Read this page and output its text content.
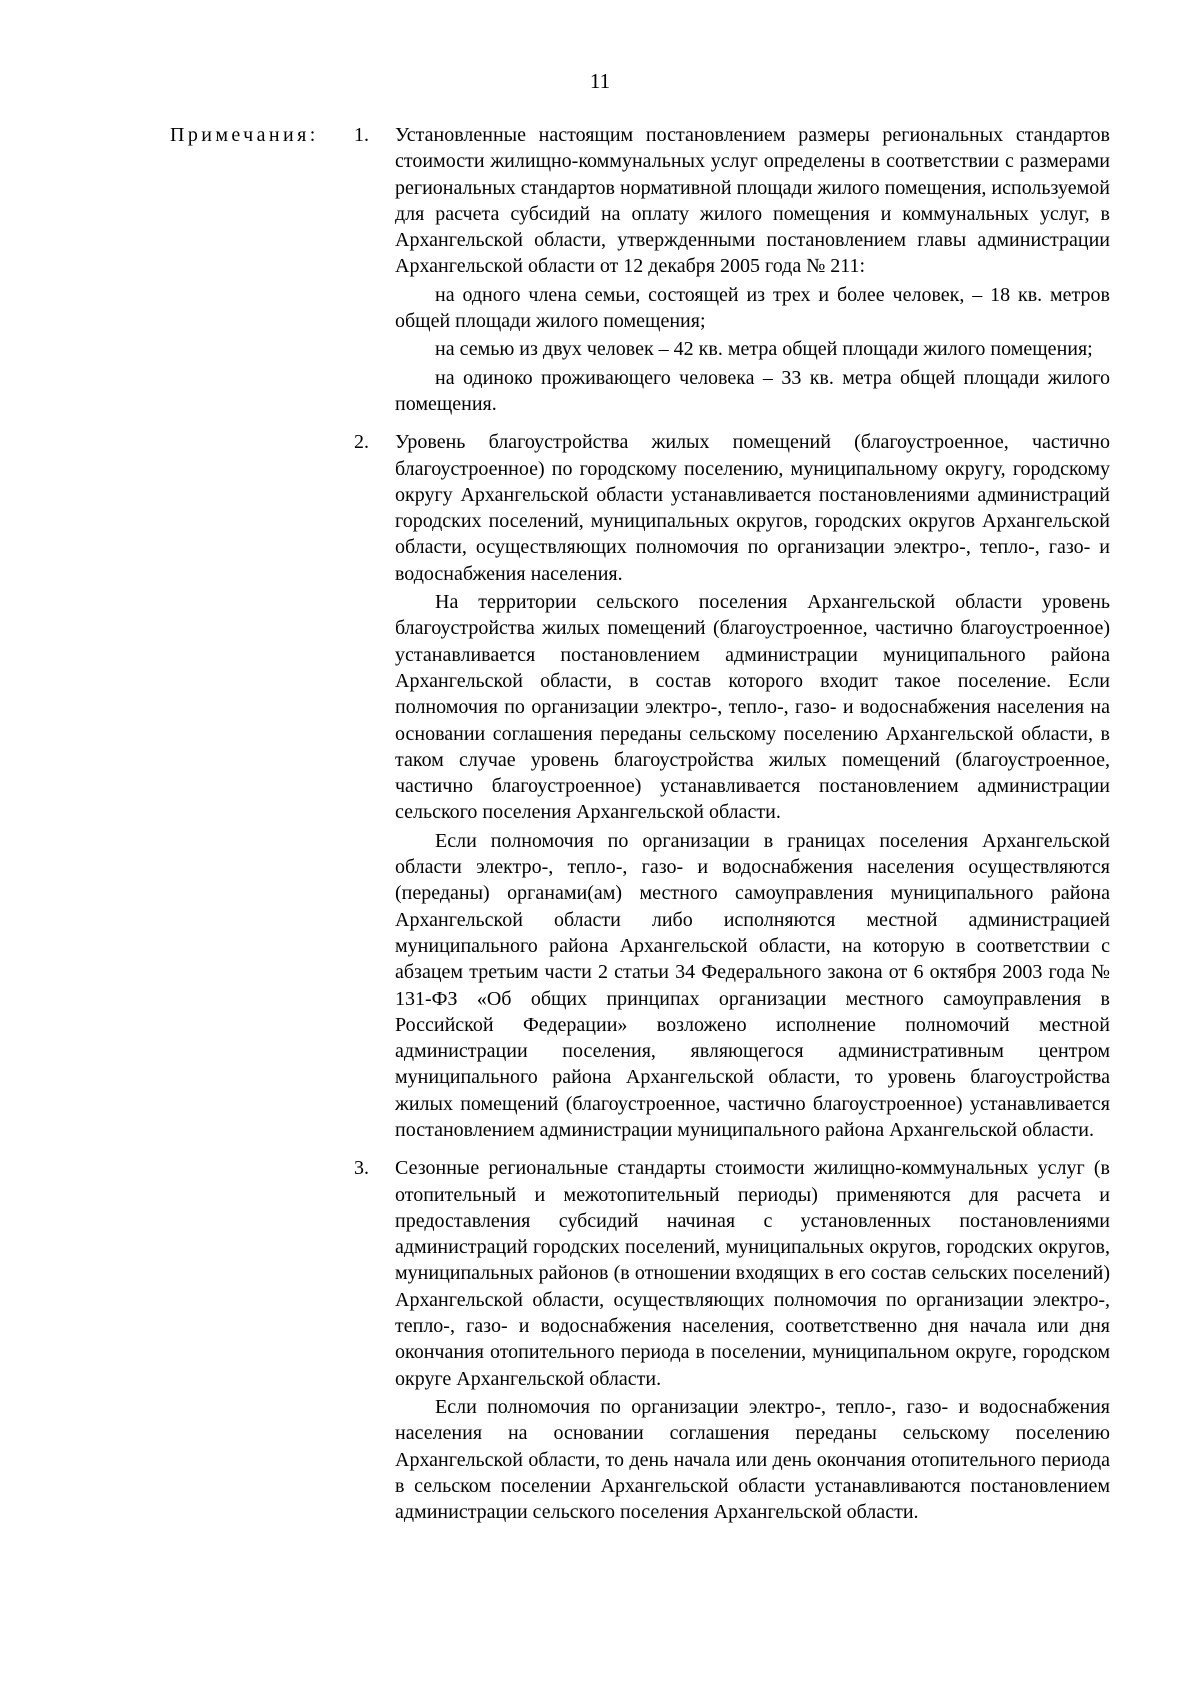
11
Примечания: 1. Установленные настоящим постановлением размеры региональных стандартов стоимости жилищно-коммунальных услуг определены в соответствии с размерами региональных стандартов нормативной площади жилого помещения, используемой для расчета субсидий на оплату жилого помещения и коммунальных услуг, в Архангельской области, утвержденными постановлением главы администрации Архангельской области от 12 декабря 2005 года № 211:

на одного члена семьи, состоящей из трех и более человек, – 18 кв. метров общей площади жилого помещения;

на семью из двух человек – 42 кв. метра общей площади жилого помещения;

на одиноко проживающего человека – 33 кв. метра общей площади жилого помещения.

2. Уровень благоустройства жилых помещений (благоустроенное, частично благоустроенное) по городскому поселению, муниципальному округу, городскому округу Архангельской области устанавливается постановлениями администраций городских поселений, муниципальных округов, городских округов Архангельской области, осуществляющих полномочия по организации электро-, тепло-, газо- и водоснабжения населения.

На территории сельского поселения Архангельской области уровень благоустройства жилых помещений (благоустроенное, частично благоустроенное) устанавливается постановлением администрации муниципального района Архангельской области, в состав которого входит такое поселение. Если полномочия по организации электро-, тепло-, газо- и водоснабжения населения на основании соглашения переданы сельскому поселению Архангельской области, в таком случае уровень благоустройства жилых помещений (благоустроенное, частично благоустроенное) устанавливается постановлением администрации сельского поселения Архангельской области.

Если полномочия по организации в границах поселения Архангельской области электро-, тепло-, газо- и водоснабжения населения осуществляются (переданы) органами(ам) местного самоуправления муниципального района Архангельской области либо исполняются местной администрацией муниципального района Архангельской области, на которую в соответствии с абзацем третьим части 2 статьи 34 Федерального закона от 6 октября 2003 года № 131-ФЗ «Об общих принципах организации местного самоуправления в Российской Федерации» возложено исполнение полномочий местной администрации поселения, являющегося административным центром муниципального района Архангельской области, то уровень благоустройства жилых помещений (благоустроенное, частично благоустроенное) устанавливается постановлением администрации муниципального района Архангельской области.

3. Сезонные региональные стандарты стоимости жилищно-коммунальных услуг (в отопительный и межотопительный периоды) применяются для расчета и предоставления субсидий начиная с установленных постановлениями администраций городских поселений, муниципальных округов, городских округов, муниципальных районов (в отношении входящих в его состав сельских поселений) Архангельской области, осуществляющих полномочия по организации электро-, тепло-, газо- и водоснабжения населения, соответственно дня начала или дня окончания отопительного периода в поселении, муниципальном округе, городском округе Архангельской области.

Если полномочия по организации электро-, тепло-, газо- и водоснабжения населения на основании соглашения переданы сельскому поселению Архангельской области, то день начала или день окончания отопительного периода в сельском поселении Архангельской области устанавливаются постановлением администрации сельского поселения Архангельской области.
